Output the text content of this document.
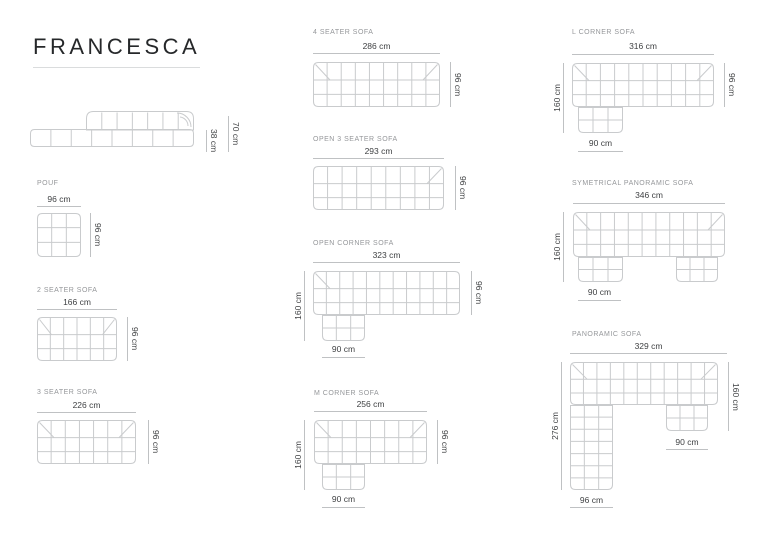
FRANCESCA
38 cm 70 cm
POUF
96 cm
96 cm
2 SEATER SOFA
166 cm
96 cm
3 SEATER SOFA
226 cm
96 cm
4 SEATER SOFA
286 cm
96 cm
OPEN 3 SEATER SOFA
293 cm
96 cm
OPEN CORNER SOFA
323 cm
160 cm	96 cm
90 cm
M CORNER SOFA
256 cm
160 cm	96 cm
90 cm
L CORNER SOFA
316 cm
160 cm	96 cm
90 cm
SYMETRICAL PANORAMIC SOFA
346 cm
160 cm
90 cm
PANORAMIC SOFA
329 cm
276 cm
160 cm
90 cm
96 cm
